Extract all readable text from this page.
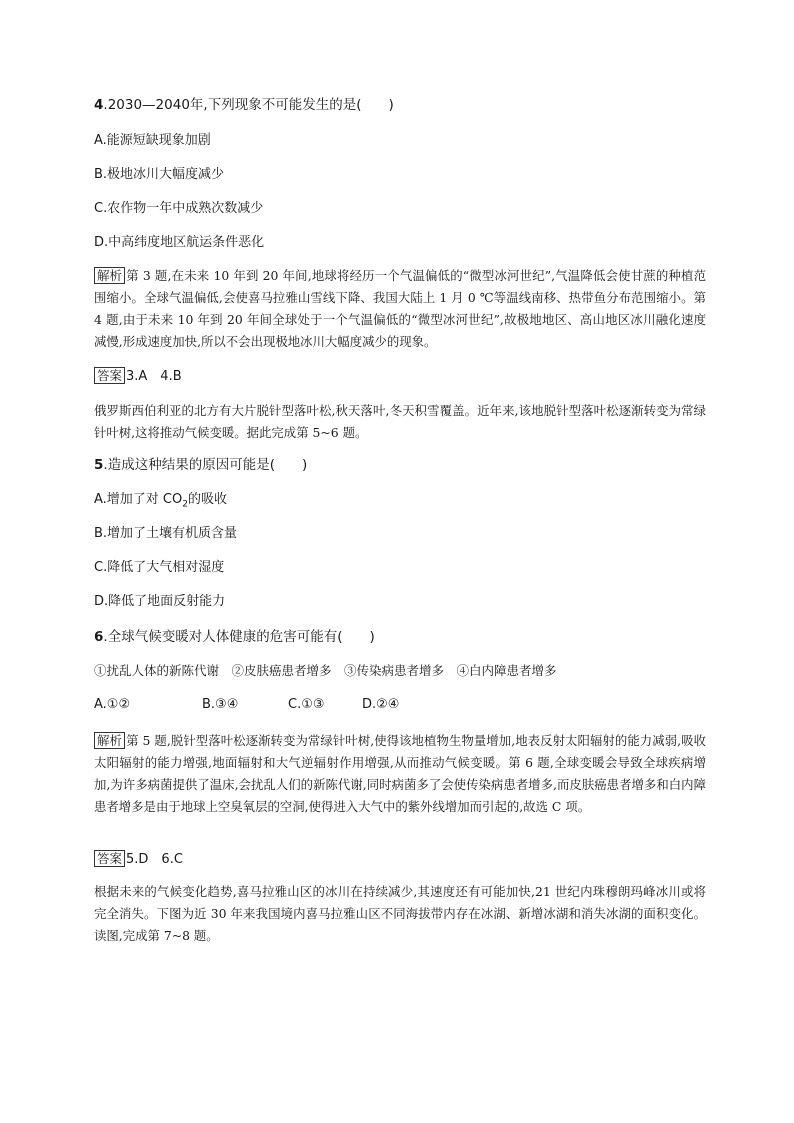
4.2030—2040年,下列现象不可能发生的是(　　)
A.能源短缺现象加剧
B.极地冰川大幅度减少
C.农作物一年中成熟次数减少
D.中高纬度地区航运条件恶化
解析 第 3 题,在未来 10 年到 20 年间,地球将经历一个气温偏低的“微型冰河世纪”,气温降低会使甘蔗的种植范围缩小。全球气温偏低,会使喜马拉雅山雪线下降、我国大陆上 1 月 0 ℃等温线南移、热带鱼分布范围缩小。第 4 题,由于未来 10 年到 20 年间全球处于一个气温偏低的“微型冰河世纪”,故极地地区、高山地区冰川融化速度减慢,形成速度加快,所以不会出现极地冰川大幅度减少的现象。
答案 3.A　4.B
俄罗斯西伯利亚的北方有大片脱针型落叶松,秋天落叶,冬天积雪覆盖。近年来,该地脱针型落叶松逐渐转变为常绿针叶树,这将推动气候变暖。据此完成第 5~6 题。
5.造成这种结果的原因可能是(　　)
A.增加了对 $CO_2$的吸收
B.增加了土壤有机质含量
C.降低了大气相对湿度
D.降低了地面反射能力
6.全球气候变暖对人体健康的危害可能有(　　)
①扰乱人体的新陈代谢　②皮肤癌患者增多　③传染病患者增多　④白内障患者增多
A.①②	B.③④	C.①③	D.②④
解析 第 5 题,脱针型落叶松逐渐转变为常绿针叶树,使得该地植物生物量增加,地表反射太阳辐射的能力减弱,吸收太阳辐射的能力增强,地面辐射和大气逆辐射作用增强,从而推动气候变暖。第 6 题,全球变暖会导致全球疾病增加,为许多病菌提供了温床,会扰乱人们的新陈代谢,同时病菌多了会使传染病患者增多,而皮肤癌患者增多和白内障患者增多是由于地球上空臭氧层的空洞,使得进入大气中的紫外线增加而引起的,故选 C 项。
答案 5.D　6.C
根据未来的气候变化趋势,喜马拉雅山区的冰川在持续减少,其速度还有可能加快,21 世纪内珠穆朗玛峰冰川或将完全消失。下图为近 30 年来我国境内喜马拉雅山区不同海拔带内存在冰湖、新增冰湖和消失冰湖的面积变化。读图,完成第 7~8 题。
